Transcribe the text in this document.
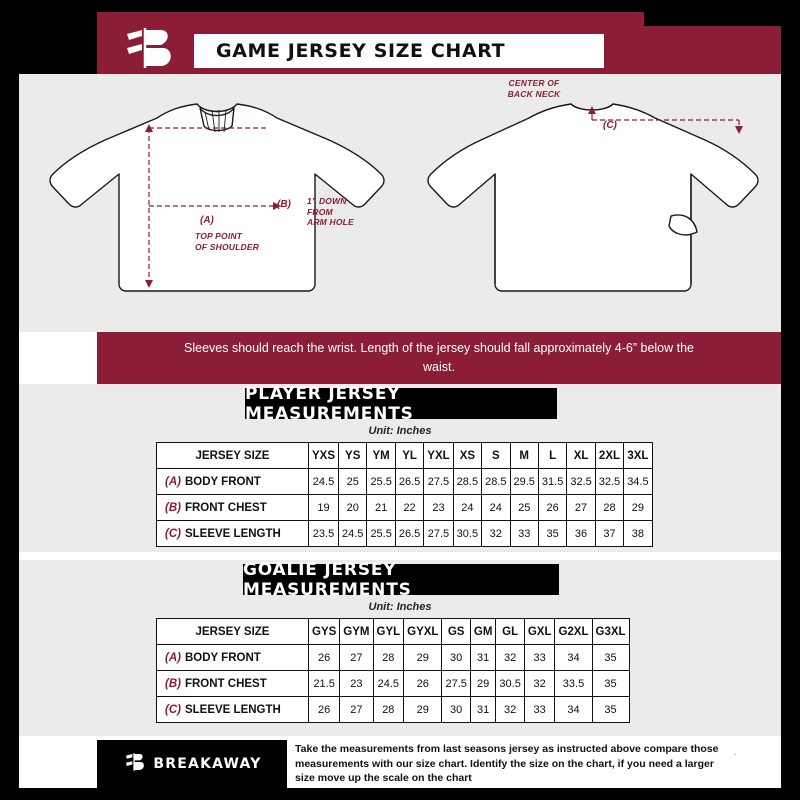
GAME JERSEY SIZE CHART
(A)
TOP POINT
OF SHOULDER
(B) 1” DOWN
FROM
ARM HOLE
(C)
CENTER OF
BACK NECK
Sleeves should reach the wrist. Length of the jersey should fall approximately 4-6” below the waist.
PLAYER JERSEY MEASUREMENTS
Unit: Inches
JERSEY SIZE	YXS	YS	YM	YL	YXL	XS	S	M	L	XL	2XL	3XL
(A) BODY FRONT	24.5	25	25.5	26.5	27.5	28.5	28.5	29.5	31.5	32.5	32.5	34.5
(B) FRONT CHEST	19	20	21	22	23	24	24	25	26	27	28	29
(C) SLEEVE LENGTH	23.5	24.5	25.5	26.5	27.5	30.5	32	33	35	36	37	38
GOALIE JERSEY MEASUREMENTS
Unit: Inches
JERSEY SIZE	GYS	GYM	GYL	GYXL	GS	GM	GL	GXL	G2XL	G3XL
(A) BODY FRONT	26	27	28	29	30	31	32	33	34	35
(B) FRONT CHEST	21.5	23	24.5	26	27.5	29	30.5	32	33.5	35
(C) SLEEVE LENGTH	26	27	28	29	30	31	32	33	34	35
BREAKAWAY
Take the measurements from last seasons jersey as instructed above compare those measurements with our size chart. Identify the size on the chart, if you need a larger size move up the scale on the chart
’
